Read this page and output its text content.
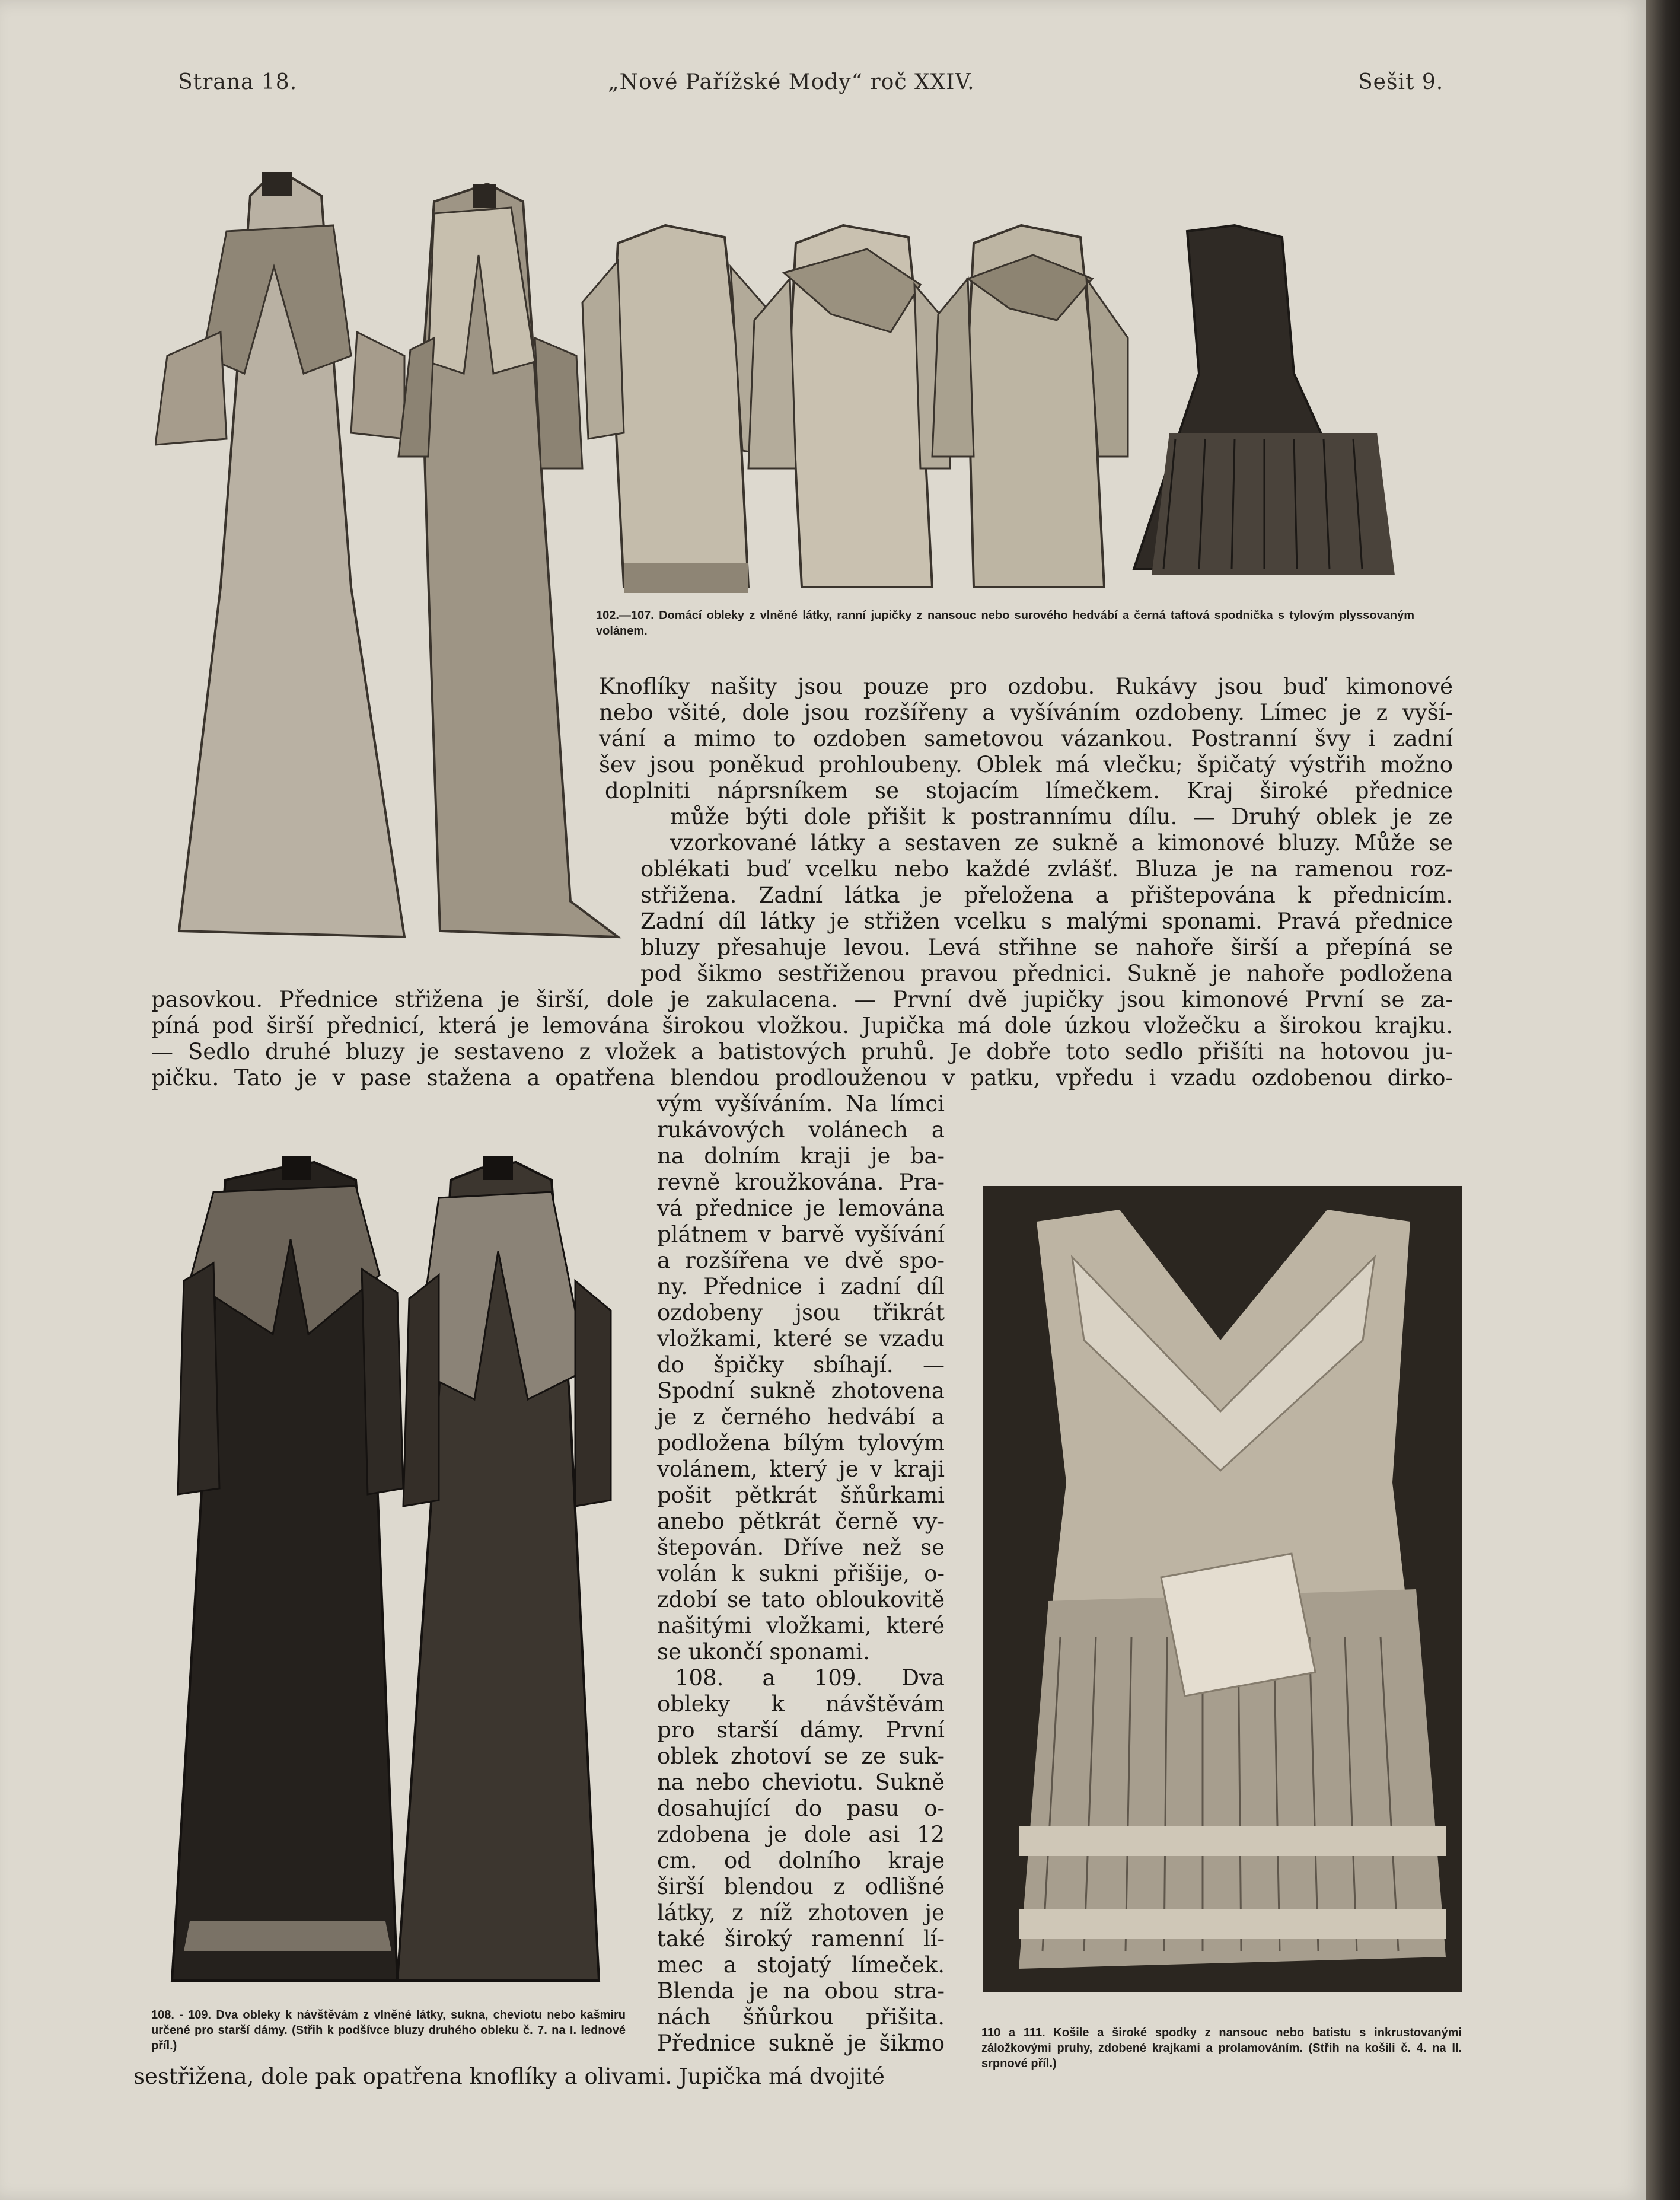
Strana 18.	„Nové Pařížské Mody“ roč XXIV.	Sešit 9.
102.—107. Domácí obleky z vlněné látky, ranní jupičky z nansouc nebo surového hedvábí a černá taftová spodnička s tylovým plyssovaným volánem.
Knoflíky našity jsou pouze pro ozdobu. Rukávy jsou buď kimonové
nebo všité, dole jsou rozšířeny a vyšíváním ozdobeny. Límec je z vyší-
vání a mimo to ozdoben sametovou vázankou. Postranní švy i zadní
šev jsou poněkud prohloubeny. Oblek má vlečku; špičatý výstřih možno
doplniti náprsníkem se stojacím límečkem. Kraj široké přednice
může býti dole přišit k postrannímu dílu. — Druhý oblek je ze
vzorkované látky a sestaven ze sukně a kimonové bluzy. Může se
oblékati buď vcelku nebo každé zvlášť. Bluza je na ramenou roz-
střižena. Zadní látka je přeložena a přištepována k přednicím.
Zadní díl látky je střižen vcelku s malými sponami. Pravá přednice
bluzy přesahuje levou. Levá střihne se nahoře širší a přepíná se
pod šikmo sestřiženou pravou přednici. Sukně je nahoře podložena
pasovkou. Přednice střižena je širší, dole je zakulacena. — První dvě jupičky jsou kimonové První se za-
píná pod širší přednicí, která je lemována širokou vložkou. Jupička má dole úzkou vložečku a širokou krajku.
— Sedlo druhé bluzy je sestaveno z vložek a batistových pruhů. Je dobře toto sedlo přišíti na hotovou ju-
pičku. Tato je v pase stažena a opatřena blendou prodlouženou v patku, vpředu i vzadu ozdobenou dirko-
108. - 109. Dva obleky k návštěvám z vlněné látky, sukna, cheviotu nebo kašmiru určené pro starší dámy. (Střih k podšívce bluzy druhého obleku č. 7. na I. lednové příl.)
vým vyšíváním. Na límci
rukávových volánech a
na dolním kraji je ba-
revně kroužkována. Pra-
vá přednice je lemována
plátnem v barvě vyšívání
a rozšířena ve dvě spo-
ny. Přednice i zadní díl
ozdobeny jsou třikrát
vložkami, které se vzadu
do špičky sbíhají. —
Spodní sukně zhotovena
je z černého hedvábí a
podložena bílým tylovým
volánem, který je v kraji
pošit pětkrát šňůrkami
anebo pětkrát černě vy-
štepován. Dříve než se
volán k sukni přišije, o-
zdobí se tato obloukovitě
našitými vložkami, které
se ukončí sponami.
108. a 109. Dva
obleky k návštěvám
pro starší dámy. První
oblek zhotoví se ze suk-
na nebo cheviotu. Sukně
dosahující do pasu o-
zdobena je dole asi 12
cm. od dolního kraje
širší blendou z odlišné
látky, z níž zhotoven je
také široký ramenní lí-
mec a stojatý límeček.
Blenda je na obou stra-
nách šňůrkou přišita.
Přednice sukně je šikmo	110 a 111. Košile a široké spodky z nansouc nebo batistu s inkrustovanými záložkovými pruhy, zdobené krajkami a prolamováním. (Střih na košili č. 4. na II. srpnové příl.)
sestřižena, dole pak opatřena knoflíky a olivami. Jupička má dvojité
